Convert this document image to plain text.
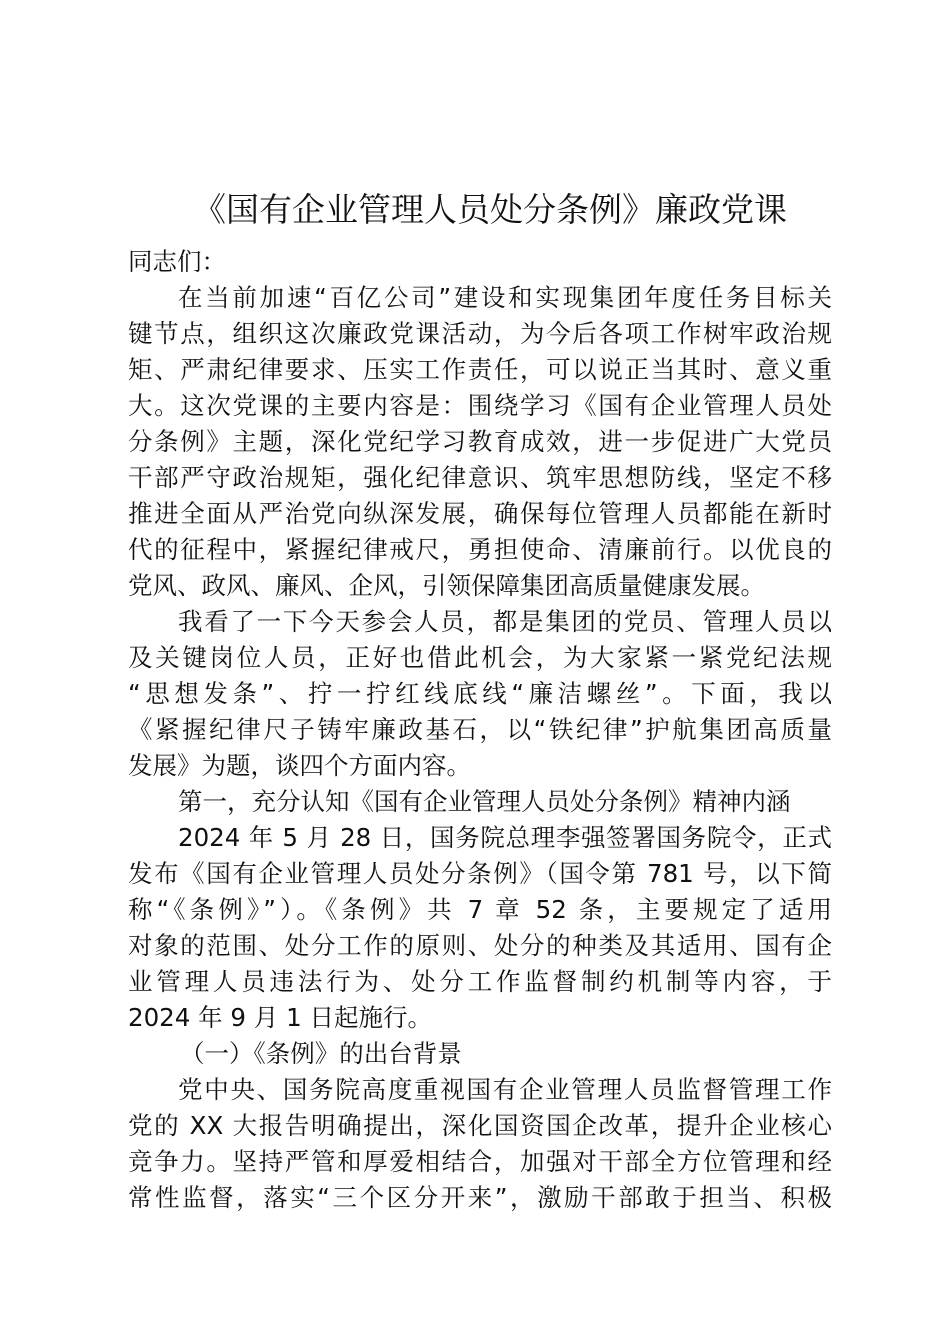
《国有企业管理人员处分条例》廉政党课
同志们：
在当前加速“百亿公司”建设和实现集团年度任务目标关
键节点，组织这次廉政党课活动，为今后各项工作树牢政治规
矩、严肃纪律要求、压实工作责任，可以说正当其时、意义重
大。这次党课的主要内容是：围绕学习《国有企业管理人员处
分条例》主题，深化党纪学习教育成效，进一步促进广大党员
干部严守政治规矩，强化纪律意识、筑牢思想防线，坚定不移
推进全面从严治党向纵深发展，确保每位管理人员都能在新时
代的征程中，紧握纪律戒尺，勇担使命、清廉前行。以优良的
党风、政风、廉风、企风，引领保障集团高质量健康发展。
我看了一下今天参会人员，都是集团的党员、管理人员以
及关键岗位人员，正好也借此机会，为大家紧一紧党纪法规
“思想发条”、拧一拧红线底线“廉洁螺丝”。下面，我以
《紧握纪律尺子铸牢廉政基石，以“铁纪律”护航集团高质量
发展》为题，谈四个方面内容。
第一，充分认知《国有企业管理人员处分条例》精神内涵
2024 年 5 月 28 日，国务院总理李强签署国务院令，正式
发布《国有企业管理人员处分条例》（国令第 781 号，以下简
称“《条例》”）。《条例》共 7 章 52 条，主要规定了适用
对象的范围、处分工作的原则、处分的种类及其适用、国有企
业管理人员违法行为、处分工作监督制约机制等内容，于
2024 年 9 月 1 日起施行。
（一）《条例》的出台背景
党中央、国务院高度重视国有企业管理人员监督管理工作
党的 XX 大报告明确提出，深化国资国企改革，提升企业核心
竞争力。坚持严管和厚爱相结合，加强对干部全方位管理和经
常性监督，落实“三个区分开来”，激励干部敢于担当、积极
